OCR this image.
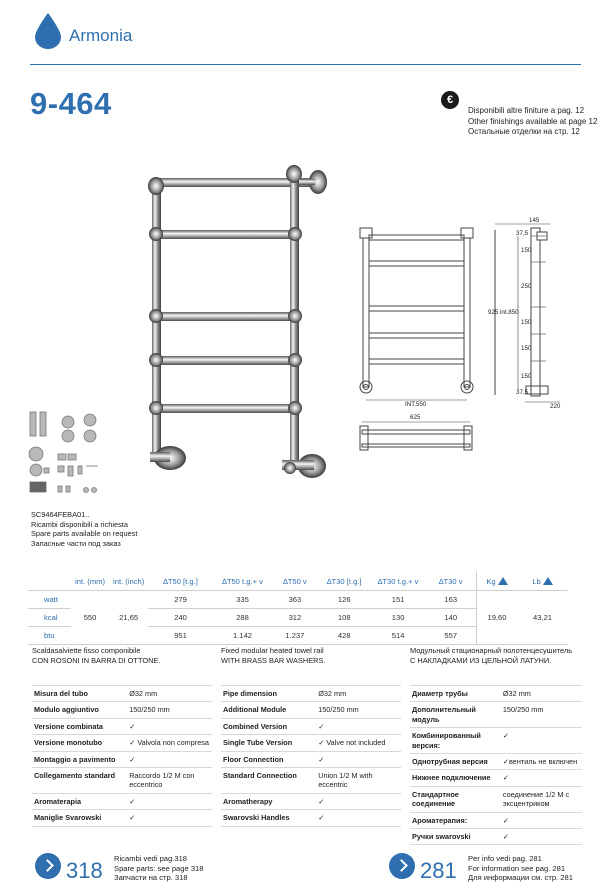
Armonia
9-464	€
Disponibili altre finiture a pag. 12
Other finishings available at page 12
Остальные отделки на стр. 12
SC9464FEBA01..
Ricambi disponibili a richiesta
Spare parts available on request
Запасные части под заказ
145
37,5
150
250
925 int.850
150
150
150
37,5
220
INT.550
625
	int. (mm)	int. (inch)	∆T50 [t.g.]	∆T50 t.g.+ v	∆T50 v	∆T30 [t.g.]	∆T30 t.g.+ v	∆T30 v	Kg	Lb
watt	550	21,65	279	335	363	126	151	163	19,60	43,21
kcal			240	288	312	108	130	140		
btu			951	1.142	1.237	428	514	557		
Scaldasalviette fisso componibile
CON ROSONI IN BARRA DI OTTONE.
Misura del tubo	Ø32 mm
Modulo aggiuntivo	150/250 mm
Versione combinata	✓
Versione monotubo	✓ Valvola non compresa
Montaggio a pavimento	✓
Collegamento standard	Raccordo 1/2 M con eccentrico
Aromaterapia	✓
Maniglie Svarowski	✓
Fixed modular heated towel rail
WITH BRASS BAR WASHERS.
Pipe dimension	Ø32 mm
Additional Module	150/250 mm
Combined Version	✓
Single Tube Version	✓ Valve not included
Floor Connection	✓
Standard Connection	Union 1/2 M with eccentric
Aromatherapy	✓
Swarovski Handles	✓
Модульный стационарный полотенцесушитель
С НАКЛАДКАМИ ИЗ ЦЕЛЬНОЙ ЛАТУНИ.
Диаметр трубы	Ø32 mm
Дополнительный модуль	150/250 mm
Комбинированный версия:	✓
Однотрубная версия	✓вентиль не включен
Нижнее подключение	✓
Стандартное соединение	соединение 1/2 M с эксцентриком
Ароматерапия:	✓
Ручки swarovski	✓
318 Ricambi vedi pag.318
Spare parts: see page 318
Запчасти на стр. 318	281 Per info vedi pag. 281
For information see pag. 281
Для информации см. стр. 281
